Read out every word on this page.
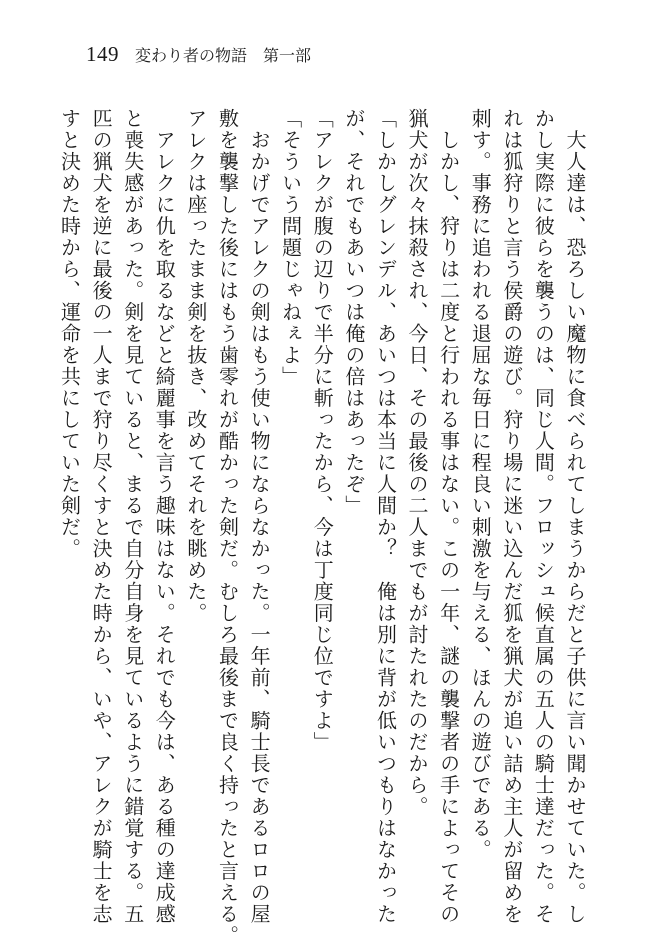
149 変わり者の物語 第一部
　大人達は、恐ろしい魔物に食べられてしまうからだと子供に言い聞かせていた。し
かし実際に彼らを襲うのは、同じ人間。フロッシュ候直属の五人の騎士達だった。そ
れは狐狩りと言う侯爵の遊び。狩り場に迷い込んだ狐を猟犬が追い詰め主人が留めを
刺す。事務に追われる退屈な毎日に程良い刺激を与える、ほんの遊びである。
　しかし、狩りは二度と行われる事はない。この一年、謎の襲撃者の手によってその
猟犬が次々抹殺され、今日、その最後の二人までもが討たれたのだから。
「しかしグレンデル、あいつは本当に人間か？　俺は別に背が低いつもりはなかった
が、それでもあいつは俺の倍はあったぞ」
「アレクが腹の辺りで半分に斬ったから、今は丁度同じ位ですよ」
「そういう問題じゃねぇよ」
　おかげでアレクの剣はもう使い物にならなかった。一年前、騎士長であるロロの屋
敷を襲撃した後にはもう歯零れが酷かった剣だ。むしろ最後まで良く持ったと言える。
アレクは座ったまま剣を抜き、改めてそれを眺めた。
　アレクに仇を取るなどと綺麗事を言う趣味はない。それでも今は、ある種の達成感
と喪失感があった。剣を見ていると、まるで自分自身を見ているように錯覚する。五
匹の猟犬を逆に最後の一人まで狩り尽くすと決めた時から、いや、アレクが騎士を志
すと決めた時から、運命を共にしていた剣だ。
